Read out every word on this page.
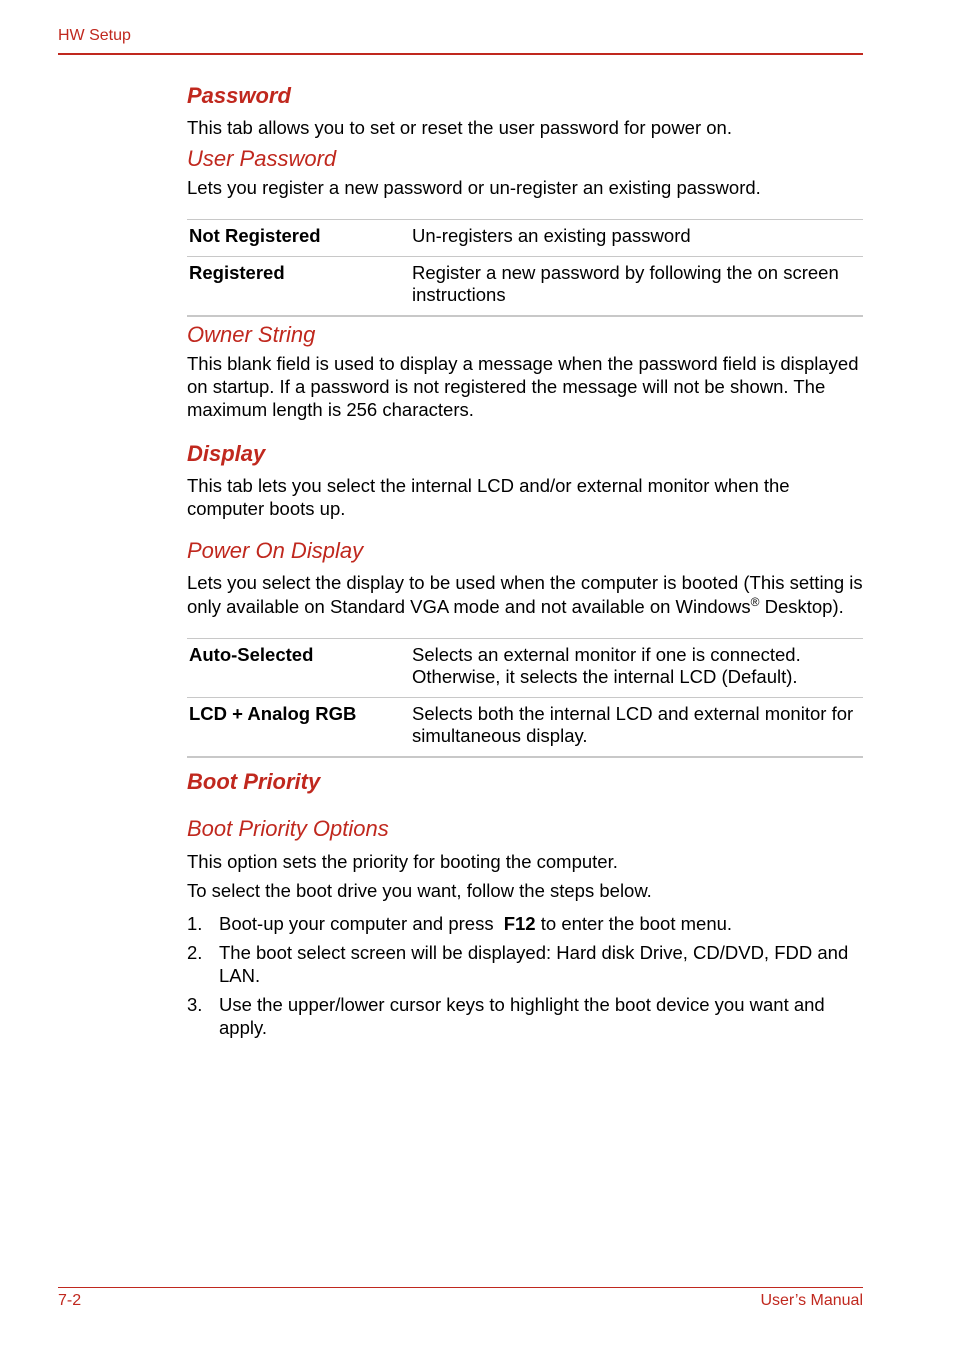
HW Setup
Password

This tab allows you to set or reset the user password for power on.

User Password

Lets you register a new password or un-register an existing password.

Not Registered	Un-registers an existing password
Registered	Register a new password by following the on screen instructions
Owner String

This blank field is used to display a message when the password field is displayed on startup. If a password is not registered the message will not be shown. The maximum length is 256 characters.

Display

This tab lets you select the internal LCD and/or external monitor when the computer boots up.

Power On Display

Lets you select the display to be used when the computer is booted (This setting is only available on Standard VGA mode and not available on Windows® Desktop).

Auto-Selected	Selects an external monitor if one is connected. Otherwise, it selects the internal LCD (Default).
LCD + Analog RGB	Selects both the internal LCD and external monitor for simultaneous display.
Boot Priority
Boot Priority Options

This option sets the priority for booting the computer.

To select the boot drive you want, follow the steps below.

1. Boot-up your computer and press F12 to enter the boot menu.
2. The boot select screen will be displayed: Hard disk Drive, CD/DVD, FDD and LAN.
3. Use the upper/lower cursor keys to highlight the boot device you want and apply.
7-2	User’s Manual
